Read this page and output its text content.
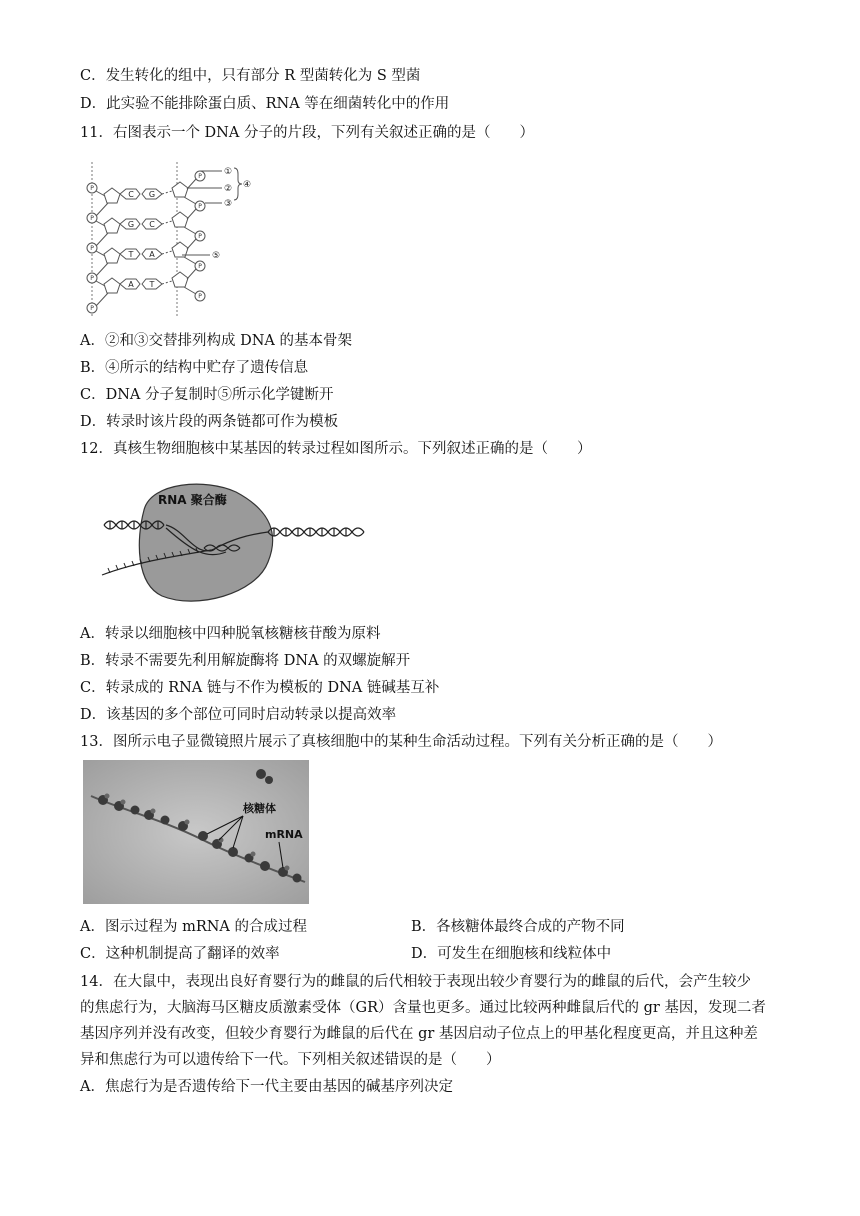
C．发生转化的组中，只有部分 R 型菌转化为 S 型菌
D．此实验不能排除蛋白质、RNA 等在细菌转化中的作用
11．右图表示一个 DNA 分子的片段，下列有关叙述正确的是（　　）
P
P
P
P
P
P
P
P
P
P
C G
G C
T A
A T
①
②
③
④
⑤
A．②和③交替排列构成 DNA 的基本骨架
B．④所示的结构中贮存了遗传信息
C．DNA 分子复制时⑤所示化学键断开
D．转录时该片段的两条链都可作为模板
12．真核生物细胞核中某基因的转录过程如图所示。下列叙述正确的是（　　）
RNA 聚合酶
A．转录以细胞核中四种脱氧核糖核苷酸为原料
B．转录不需要先利用解旋酶将 DNA 的双螺旋解开
C．转录成的 RNA 链与不作为模板的 DNA 链碱基互补
D．该基因的多个部位可同时启动转录以提高效率
13．图所示电子显微镜照片展示了真核细胞中的某种生命活动过程。下列有关分析正确的是（　　）
核糖体
mRNA
A．图示过程为 mRNA 的合成过程	B．各核糖体最终合成的产物不同
C．这种机制提高了翻译的效率	D．可发生在细胞核和线粒体中
14．在大鼠中，表现出良好育婴行为的雌鼠的后代相较于表现出较少育婴行为的雌鼠的后代，会产生较少
的焦虑行为，大脑海马区糖皮质激素受体（GR）含量也更多。通过比较两种雌鼠后代的 gr 基因，发现二者
基因序列并没有改变，但较少育婴行为雌鼠的后代在 gr 基因启动子位点上的甲基化程度更高，并且这种差
异和焦虑行为可以遗传给下一代。下列相关叙述错误的是（　　）
A．焦虑行为是否遗传给下一代主要由基因的碱基序列决定
